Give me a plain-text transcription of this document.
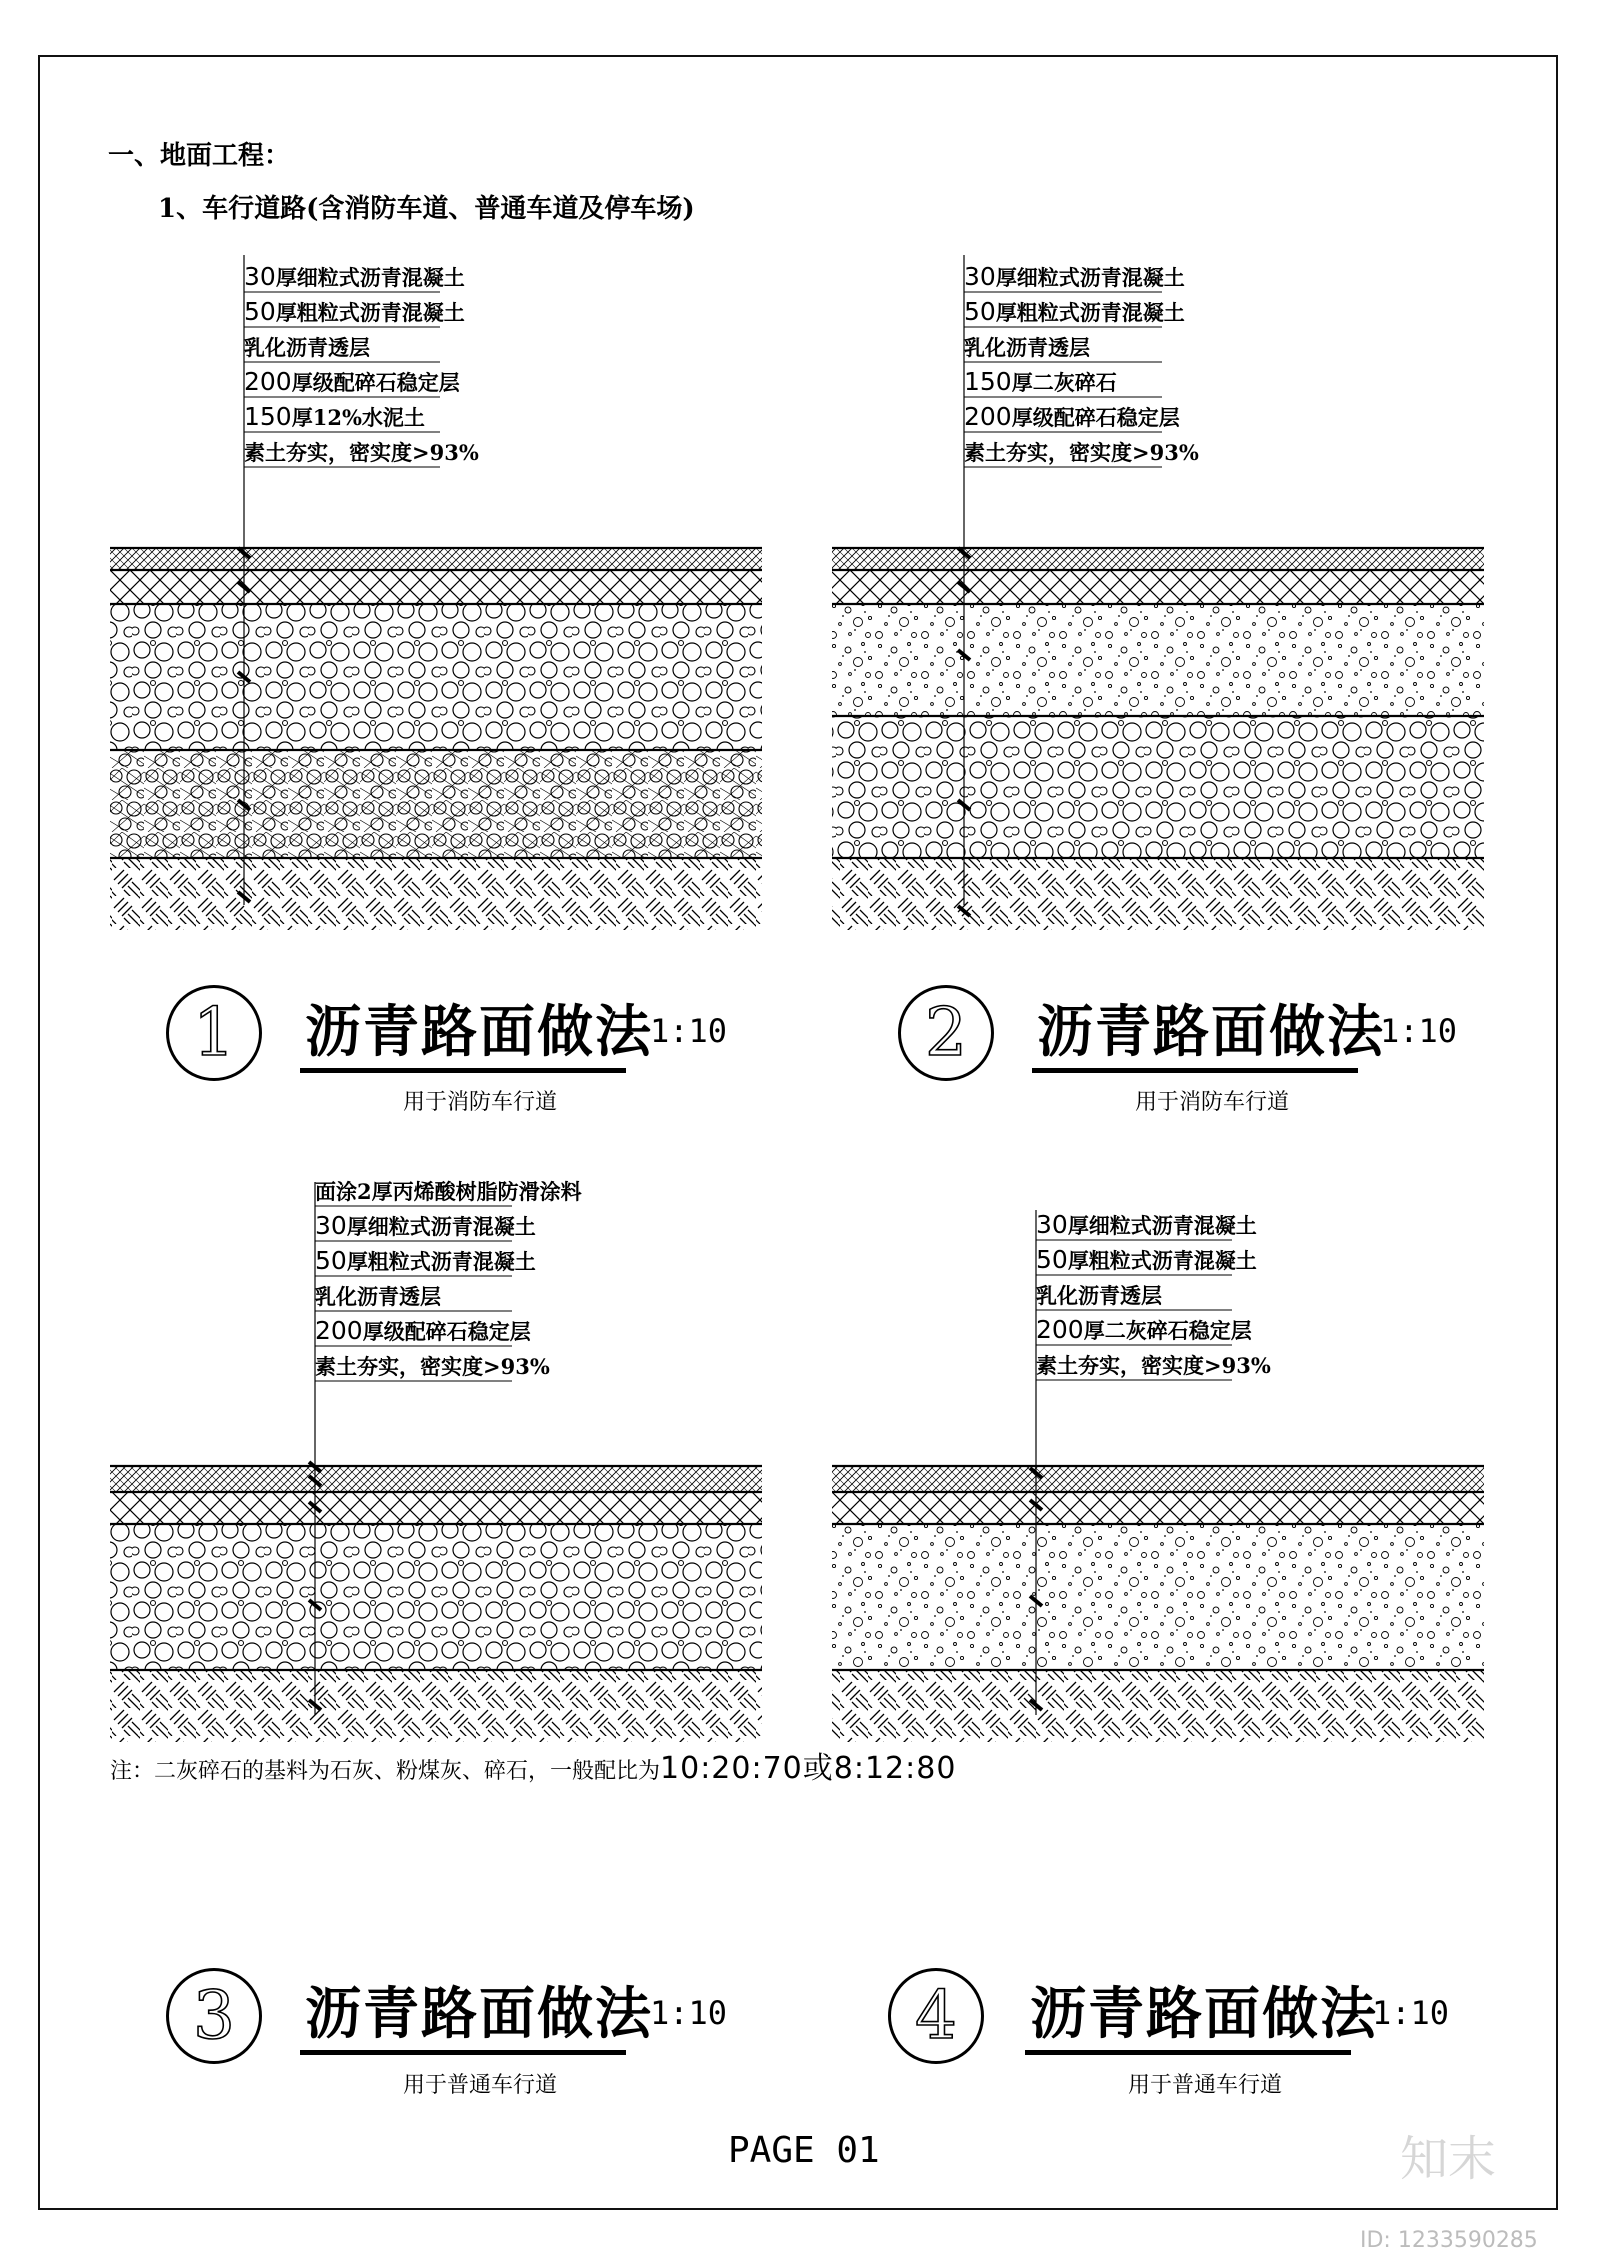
一、地面工程：
1、车行道路(含消防车道、普通车道及停车场)
30厚细粒式沥青混凝土
50厚粗粒式沥青混凝土
乳化沥青透层
200厚级配碎石稳定层
150厚12%水泥土
素土夯实，密实度>93%
30厚细粒式沥青混凝土
50厚粗粒式沥青混凝土
乳化沥青透层
150厚二灰碎石
200厚级配碎石稳定层
素土夯实，密实度>93%
面涂2厚丙烯酸树脂防滑涂料
30厚细粒式沥青混凝土
50厚粗粒式沥青混凝土
乳化沥青透层
200厚级配碎石稳定层
素土夯实，密实度>93%
30厚细粒式沥青混凝土
50厚粗粒式沥青混凝土
乳化沥青透层
200厚二灰碎石稳定层
素土夯实，密实度>93%
1	沥青路面做法
1:10
用于消防车行道
2	沥青路面做法
1:10
用于消防车行道
3	沥青路面做法
1:10
用于普通车行道
4	沥青路面做法
1:10
用于普通车行道
注：二灰碎石的基料为石灰、粉煤灰、碎石，一般配比为10:20:70或8:12:80
PAGE 01	知末
ID: 1233590285
